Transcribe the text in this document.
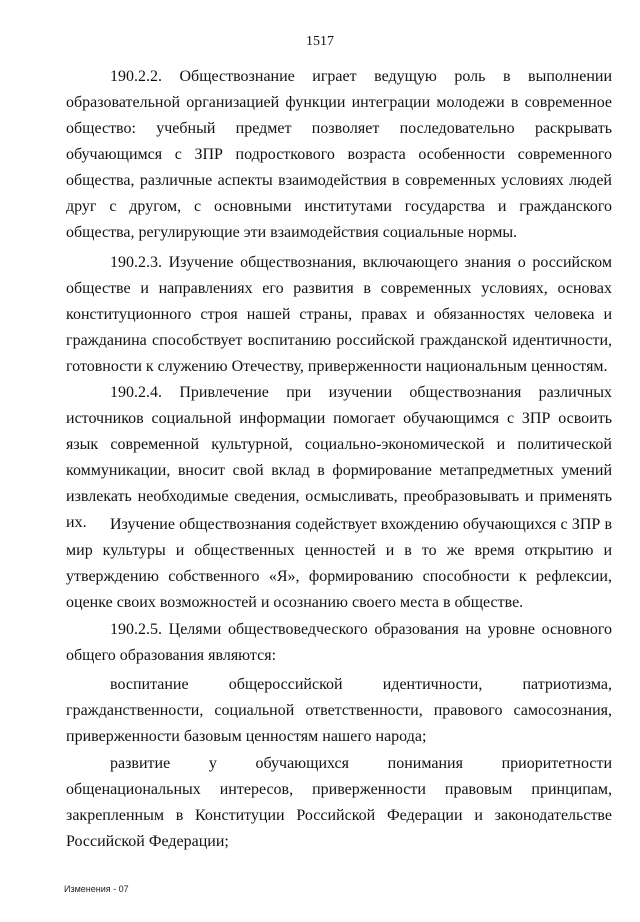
1517

190.2.2. Обществознание играет ведущую роль в выполнении образовательной организацией функции интеграции молодежи в современное общество: учебный предмет позволяет последовательно раскрывать обучающимся с ЗПР подросткового возраста особенности современного общества, различные аспекты взаимодействия в современных условиях людей друг с другом, с основными институтами государства и гражданского общества, регулирующие эти взаимодействия социальные нормы.

190.2.3. Изучение обществознания, включающего знания о российском обществе и направлениях его развития в современных условиях, основах конституционного строя нашей страны, правах и обязанностях человека и гражданина способствует воспитанию российской гражданской идентичности, готовности к служению Отечеству, приверженности национальным ценностям.

190.2.4. Привлечение при изучении обществознания различных источников социальной информации помогает обучающимся с ЗПР освоить язык современной культурной, социально-экономической и политической коммуникации, вносит свой вклад в формирование метапредметных умений извлекать необходимые сведения, осмысливать, преобразовывать и применять их.	Изучение обществознания содействует вхождению обучающихся с ЗПР в мир культуры и общественных ценностей и в то же время открытию и утверждению собственного «Я», формированию способности к рефлексии, оценке своих возможностей и осознанию своего места в обществе.

190.2.5. Целями обществоведческого образования на уровне основного общего образования являются:

воспитание общероссийской идентичности, патриотизма, гражданственности, социальной ответственности, правового самосознания, приверженности базовым ценностям нашего народа;

развитие у обучающихся понимания приоритетности общенациональных интересов, приверженности правовым принципам, закрепленным в Конституции Российской Федерации и законодательстве Российской Федерации;

Изменения - 07
